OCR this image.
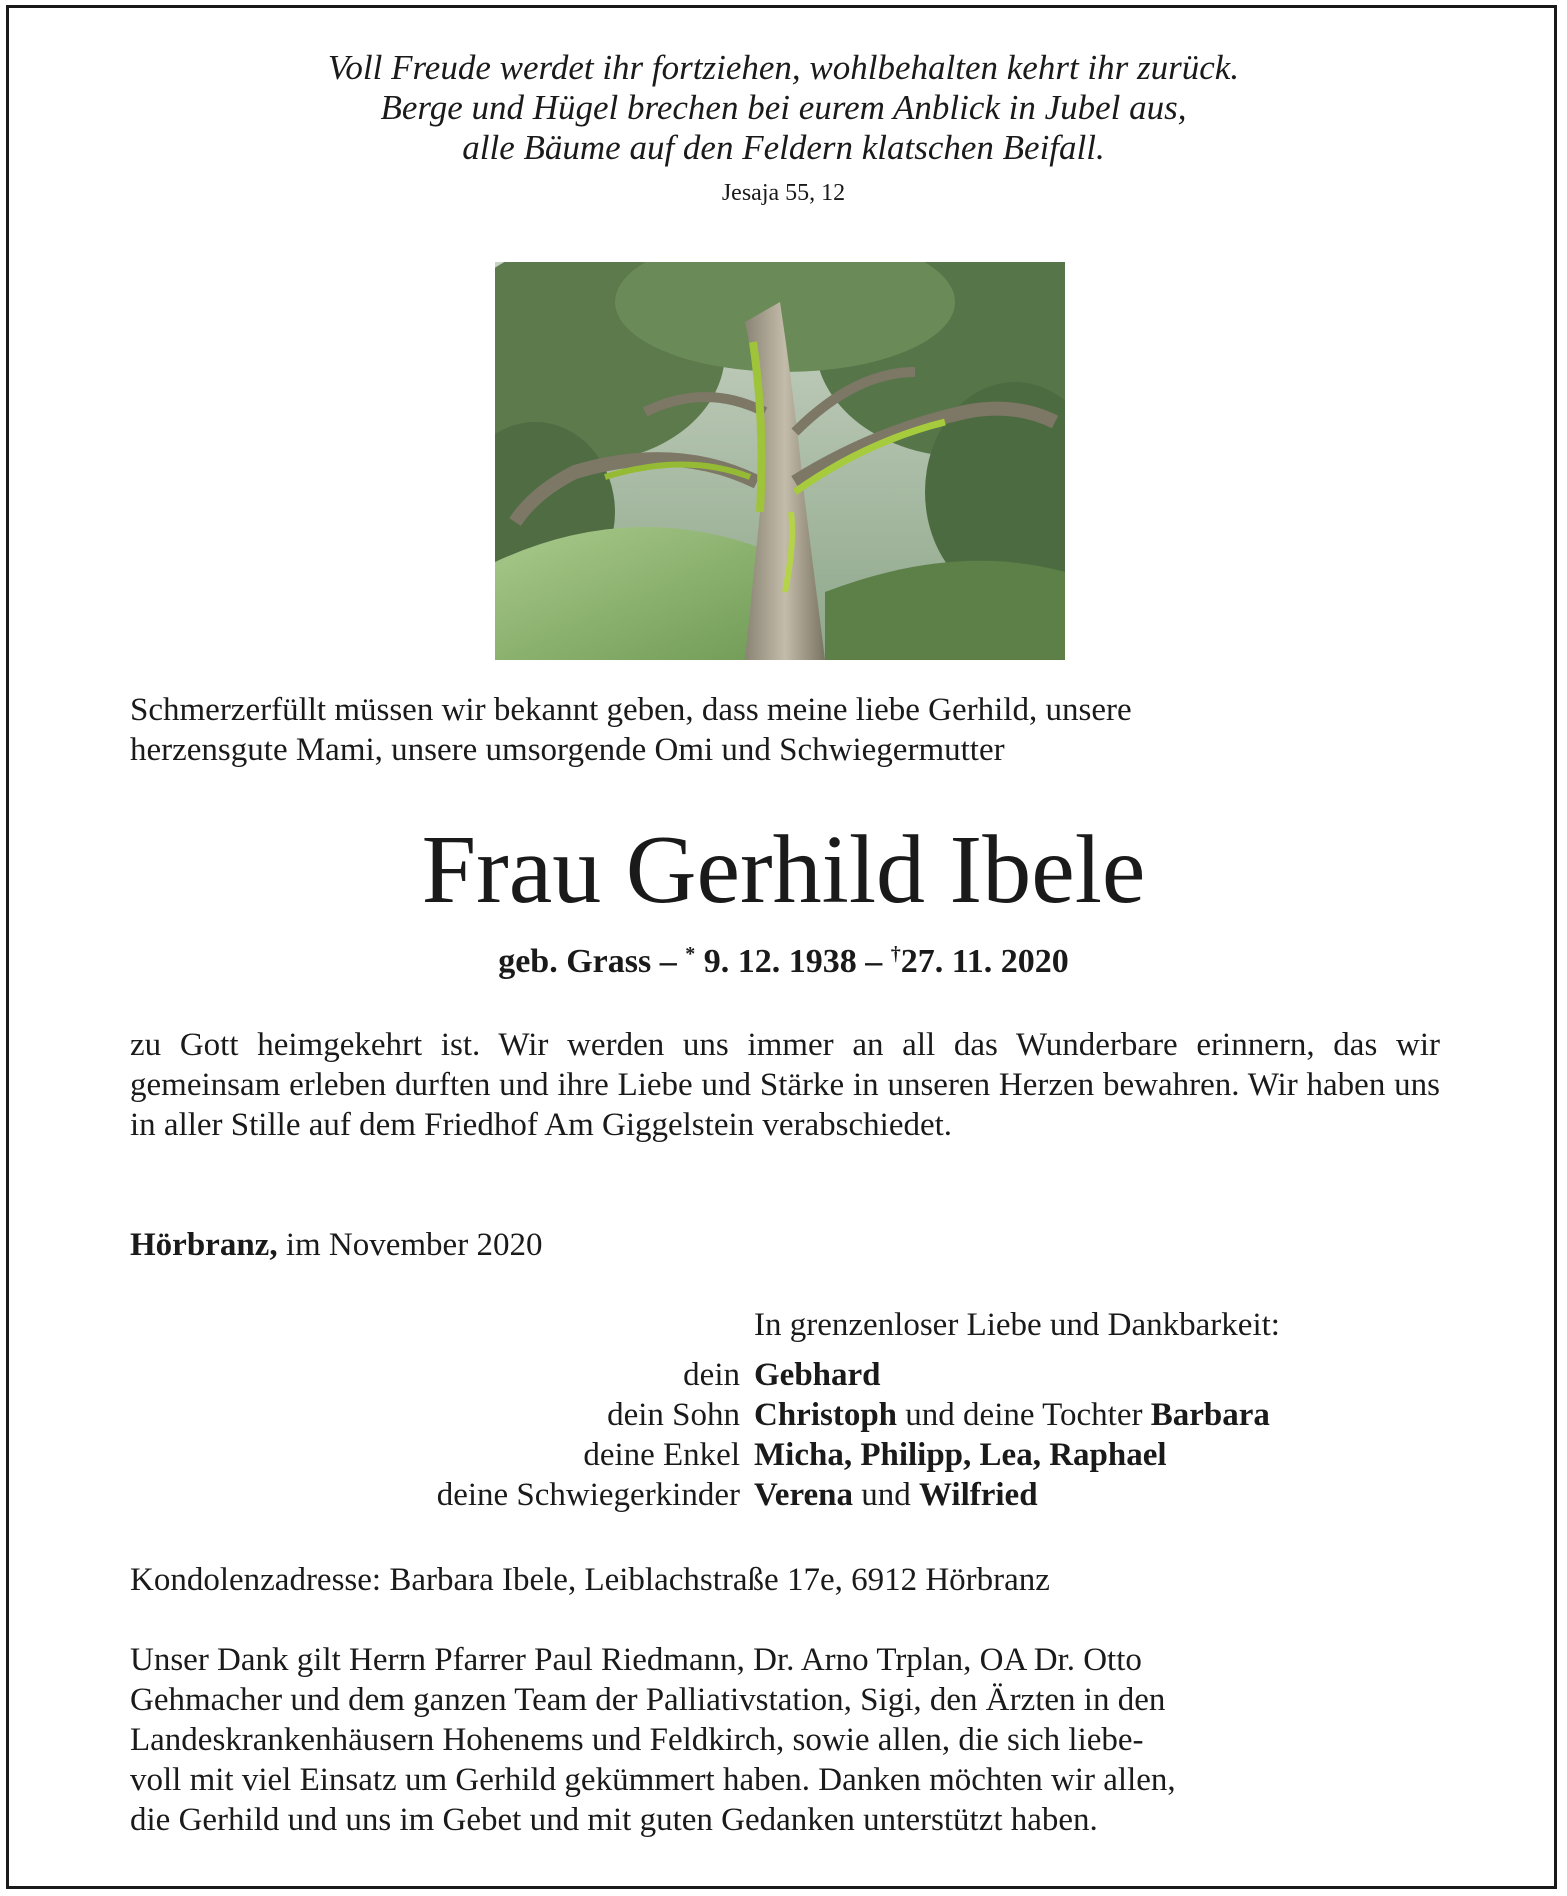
Voll Freude werdet ihr fortziehen, wohlbehalten kehrt ihr zurück.
Berge und Hügel brechen bei eurem Anblick in Jubel aus,
alle Bäume auf den Feldern klatschen Beifall.
Jesaja 55, 12
Schmerzerfüllt müssen wir bekannt geben, dass meine liebe Gerhild, unsere
herzensgute Mami, unsere umsorgende Omi und Schwiegermutter
Frau Gerhild Ibele
geb. Grass – * 9. 12. 1938 – †27. 11. 2020
zu Gott heimgekehrt ist. Wir werden uns immer an all das Wunderbare erinnern, das wir gemeinsam erleben durften und ihre Liebe und Stärke in unseren Herzen bewahren. Wir haben uns in aller Stille auf dem Friedhof Am Giggelstein verabschiedet.
Hörbranz, im November 2020
In grenzenloser Liebe und Dankbarkeit:
dein Gebhard
dein Sohn Christoph und deine Tochter Barbara
deine Enkel Micha, Philipp, Lea, Raphael
deine Schwiegerkinder Verena und Wilfried
Kondolenzadresse: Barbara Ibele, Leiblachstraße 17e, 6912 Hörbranz
Unser Dank gilt Herrn Pfarrer Paul Riedmann, Dr. Arno Trplan, OA Dr. Otto
Gehmacher und dem ganzen Team der Palliativstation, Sigi, den Ärzten in den
Landeskrankenhäusern Hohenems und Feldkirch, sowie allen, die sich liebe-
voll mit viel Einsatz um Gerhild gekümmert haben. Danken möchten wir allen,
die Gerhild und uns im Gebet und mit guten Gedanken unterstützt haben.
